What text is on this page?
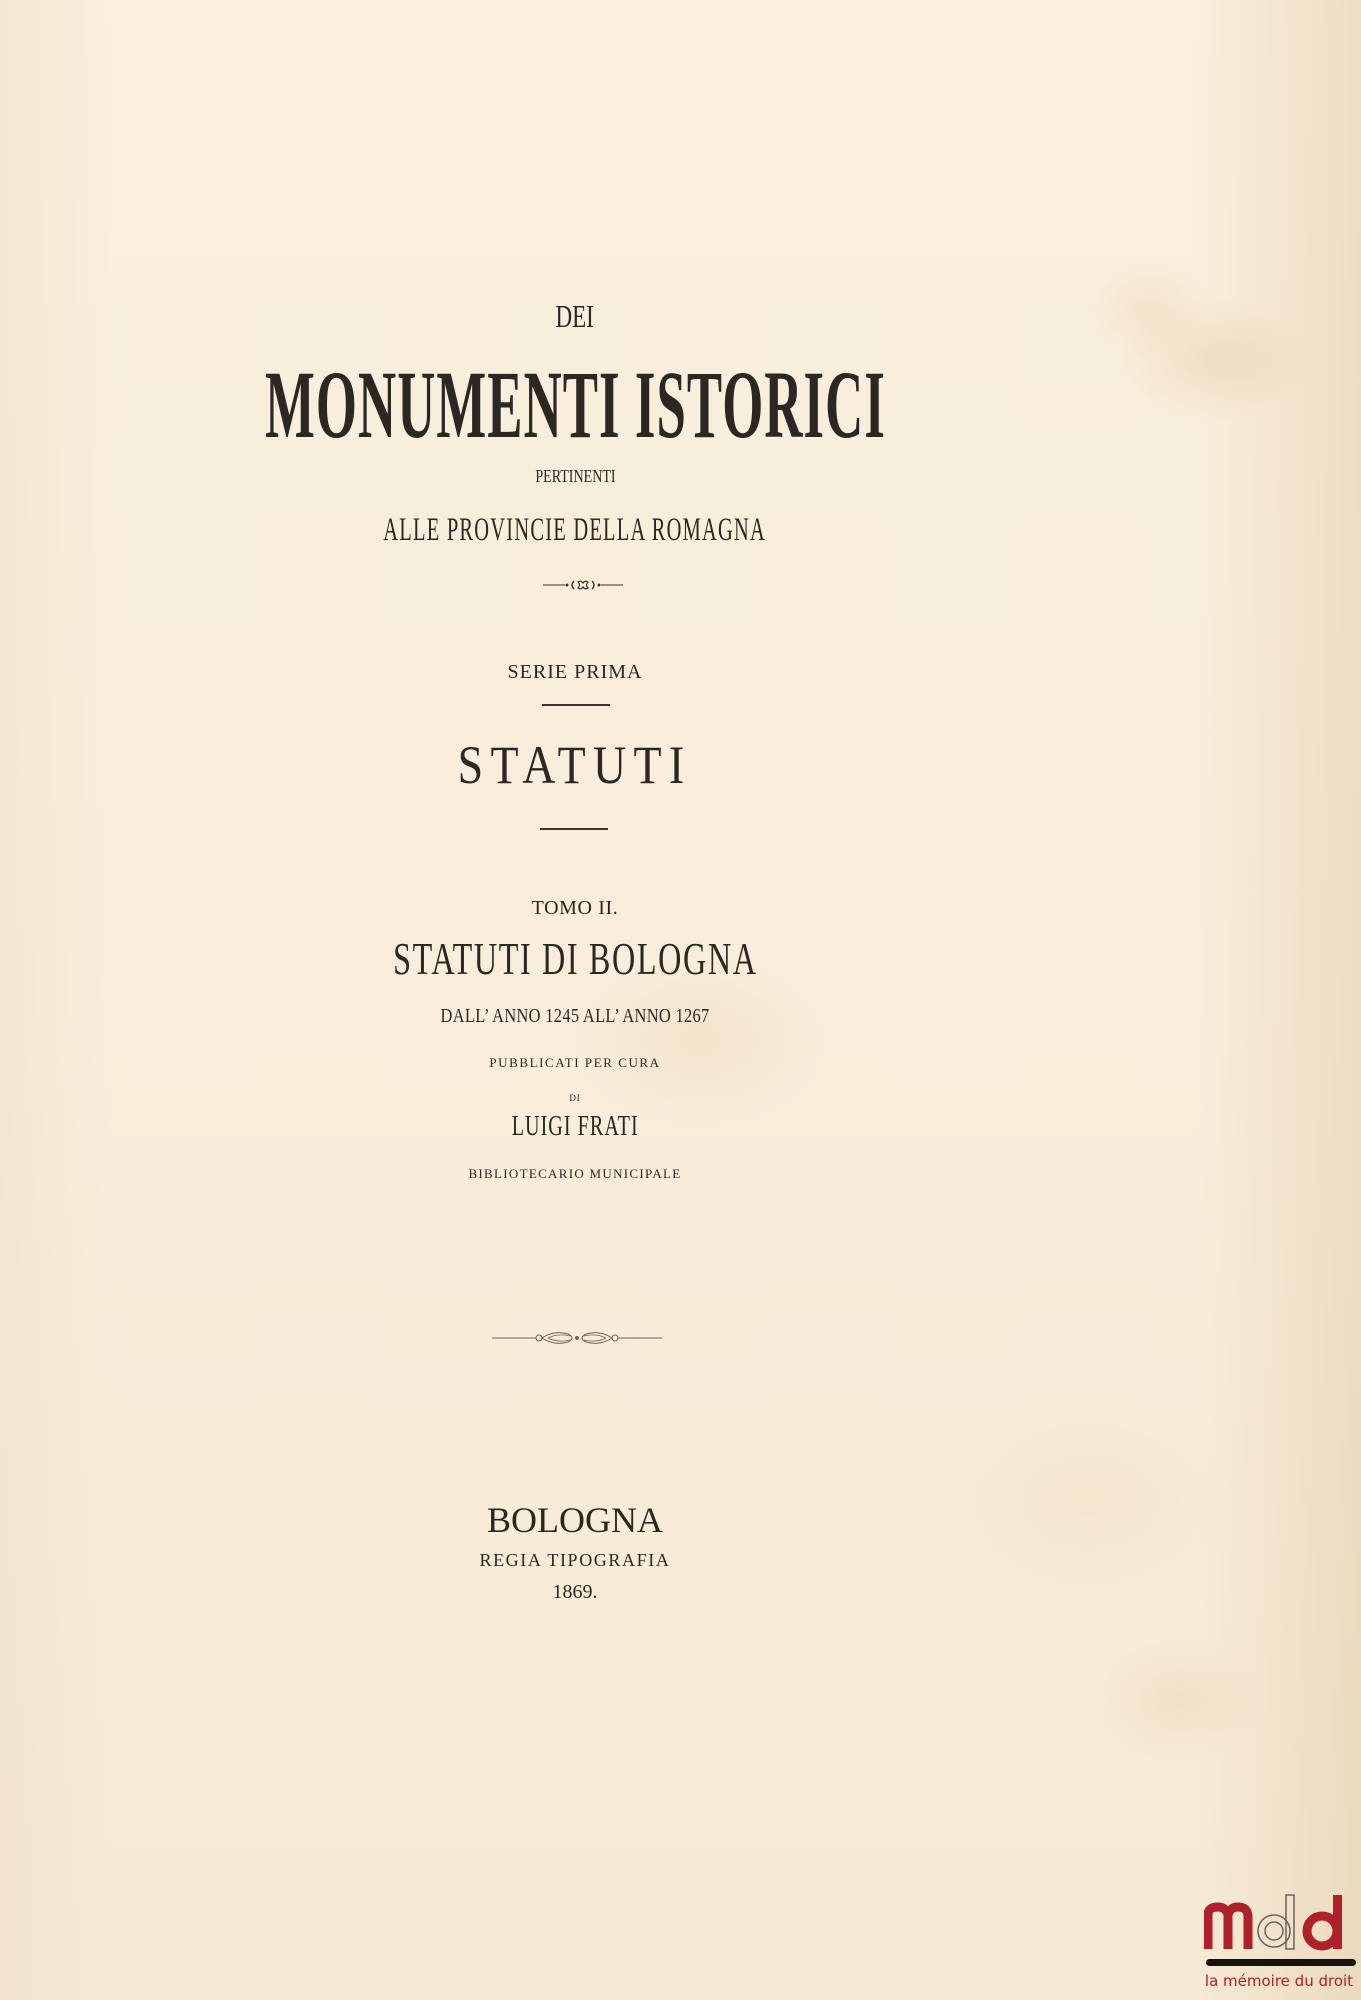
DEI
MONUMENTI ISTORICI
PERTINENTI
ALLE PROVINCIE DELLA ROMAGNA
SERIE PRIMA
STATUTI
TOMO II.
STATUTI DI BOLOGNA
DALL’ ANNO 1245 ALL’ ANNO 1267
PUBBLICATI PER CURA
DI
LUIGI FRATI
BIBLIOTECARIO MUNICIPALE
BOLOGNA
REGIA TIPOGRAFIA
1869.
la mémoire du droit
